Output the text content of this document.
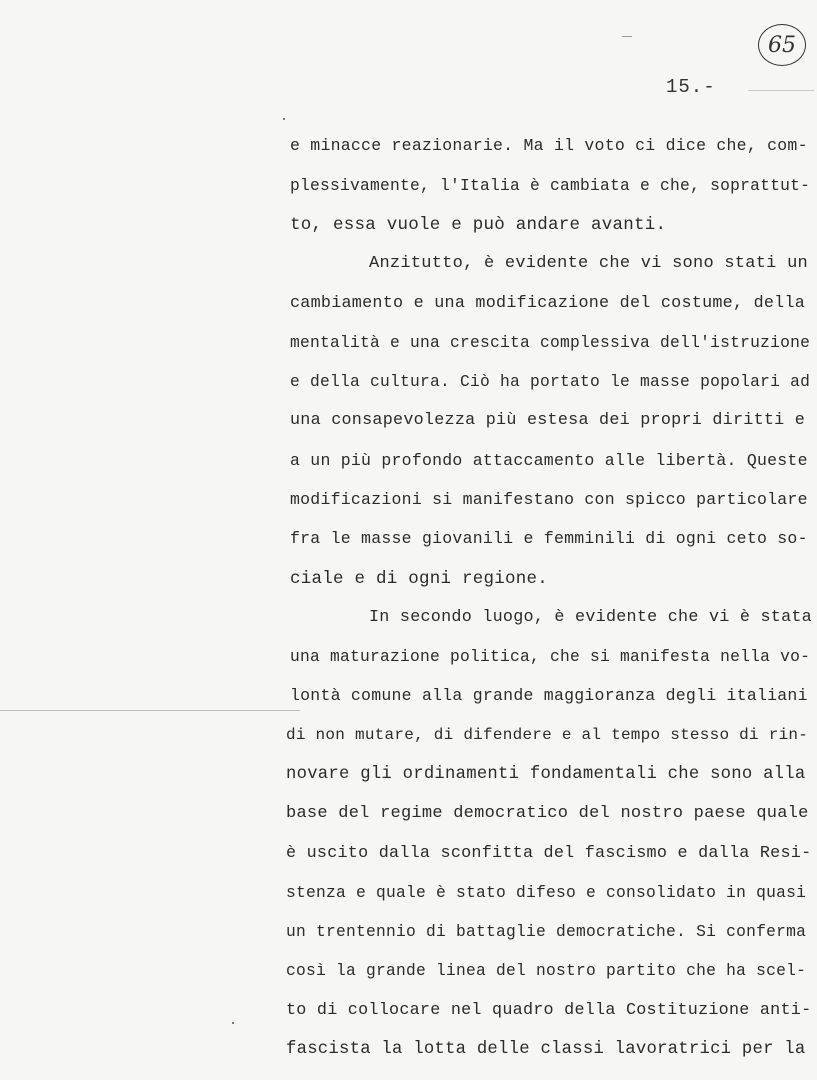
65
15.-
e minacce reazionarie. Ma il voto ci dice che, com-
plessivamente, l'Italia è cambiata e che, soprattut-
to, essa vuole e può andare avanti.
Anzitutto, è evidente che vi sono stati un
cambiamento e una modificazione del costume, della
mentalità e una crescita complessiva dell'istruzione
e della cultura. Ciò ha portato le masse popolari ad
una consapevolezza più estesa dei propri diritti e
a un più profondo attaccamento alle libertà. Queste
modificazioni si manifestano con spicco particolare
fra le masse giovanili e femminili di ogni ceto so-
ciale e di ogni regione.
In secondo luogo, è evidente che vi è stata
una maturazione politica, che si manifesta nella vo-
lontà comune alla grande maggioranza degli italiani
di non mutare, di difendere e al tempo stesso di rin-
novare gli ordinamenti fondamentali che sono alla
base del regime democratico del nostro paese quale
è uscito dalla sconfitta del fascismo e dalla Resi-
stenza e quale è stato difeso e consolidato in quasi
un trentennio di battaglie democratiche. Si conferma
così la grande linea del nostro partito che ha scel-
to di collocare nel quadro della Costituzione anti-
fascista la lotta delle classi lavoratrici per la
